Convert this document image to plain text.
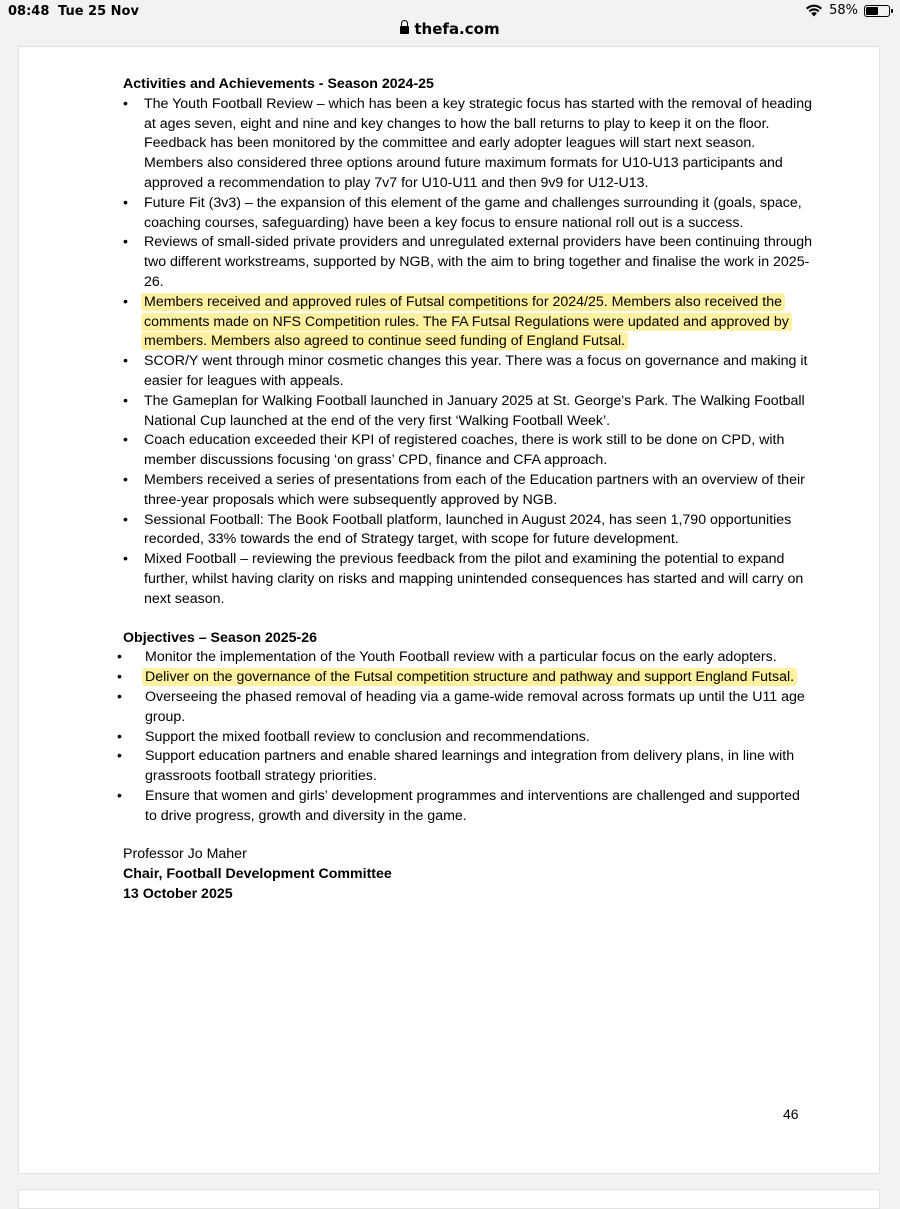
08:48 Tue 25 Nov	58%
thefa.com

Activities and Achievements - Season 2024-25

• The Youth Football Review – which has been a key strategic focus has started with the removal of heading at ages seven, eight and nine and key changes to how the ball returns to play to keep it on the floor. Feedback has been monitored by the committee and early adopter leagues will start next season. Members also considered three options around future maximum formats for U10-U13 participants and approved a recommendation to play 7v7 for U10-U11 and then 9v9 for U12-U13.
• Future Fit (3v3) – the expansion of this element of the game and challenges surrounding it (goals, space, coaching courses, safeguarding) have been a key focus to ensure national roll out is a success.
• Reviews of small-sided private providers and unregulated external providers have been continuing through two different workstreams, supported by NGB, with the aim to bring together and finalise the work in 2025-26.
• Members received and approved rules of Futsal competitions for 2024/25. Members also received the comments made on NFS Competition rules. The FA Futsal Regulations were updated and approved by members. Members also agreed to continue seed funding of England Futsal.
• SCOR/Y went through minor cosmetic changes this year. There was a focus on governance and making it easier for leagues with appeals.
• The Gameplan for Walking Football launched in January 2025 at St. George's Park. The Walking Football National Cup launched at the end of the very first ‘Walking Football Week’.
• Coach education exceeded their KPI of registered coaches, there is work still to be done on CPD, with member discussions focusing ‘on grass’ CPD, finance and CFA approach.
• Members received a series of presentations from each of the Education partners with an overview of their three-year proposals which were subsequently approved by NGB.
• Sessional Football: The Book Football platform, launched in August 2024, has seen 1,790 opportunities recorded, 33% towards the end of Strategy target, with scope for future development.
• Mixed Football – reviewing the previous feedback from the pilot and examining the potential to expand further, whilst having clarity on risks and mapping unintended consequences has started and will carry on next season.

Objectives – Season 2025-26

• Monitor the implementation of the Youth Football review with a particular focus on the early adopters.
• Deliver on the governance of the Futsal competition structure and pathway and support England Futsal.
• Overseeing the phased removal of heading via a game-wide removal across formats up until the U11 age group.
• Support the mixed football review to conclusion and recommendations.
• Support education partners and enable shared learnings and integration from delivery plans, in line with grassroots football strategy priorities.
• Ensure that women and girls’ development programmes and interventions are challenged and supported to drive progress, growth and diversity in the game.
Professor Jo Maher
Chair, Football Development Committee
13 October 2025
46
